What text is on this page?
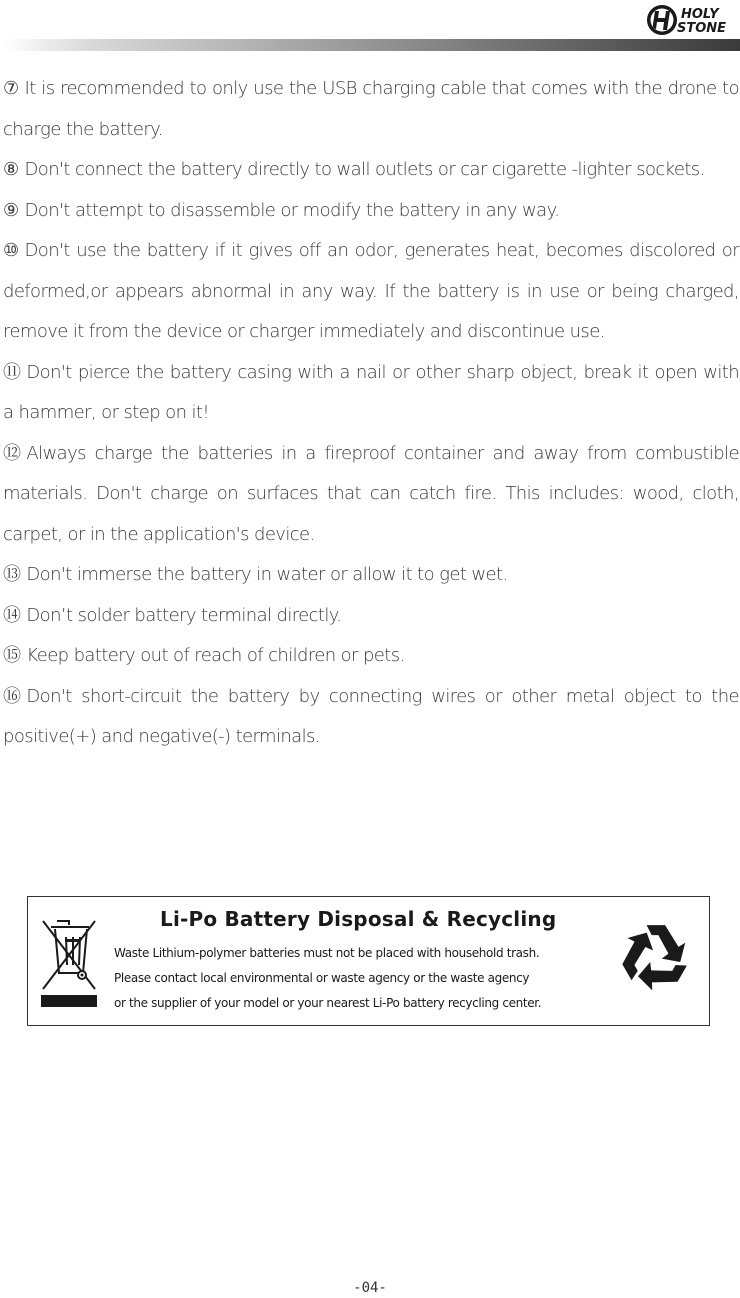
HOLY
STONE

⑦ It is recommended to only use the USB charging cable that comes with the drone to charge the battery.

⑧ Don't connect the battery directly to wall outlets or car cigarette -lighter sockets.

⑨ Don't attempt to disassemble or modify the battery in any way.

⑩ Don't use the battery if it gives off an odor, generates heat, becomes discolored or deformed,or appears abnormal in any way. If the battery is in use or being charged, remove it from the device or charger immediately and discontinue use.

⑪ Don't pierce the battery casing with a nail or other sharp object, break it open with a hammer, or step on it!

⑫ Always charge the batteries in a fireproof container and away from combustible materials. Don't charge on surfaces that can catch fire. This includes: wood, cloth, carpet, or in the application's device.

⑬ Don't immerse the battery in water or allow it to get wet.

⑭ Don’t solder battery terminal directly.

⑮ Keep battery out of reach of children or pets.

⑯ Don't short-circuit the battery by connecting wires or other metal object to the positive(+) and negative(-) terminals.

Li-Po Battery Disposal & Recycling
Waste Lithium-polymer batteries must not be placed with household trash.
Please contact local environmental or waste agency or the waste agency
or the supplier of your model or your nearest Li-Po battery recycling center.
-04-
